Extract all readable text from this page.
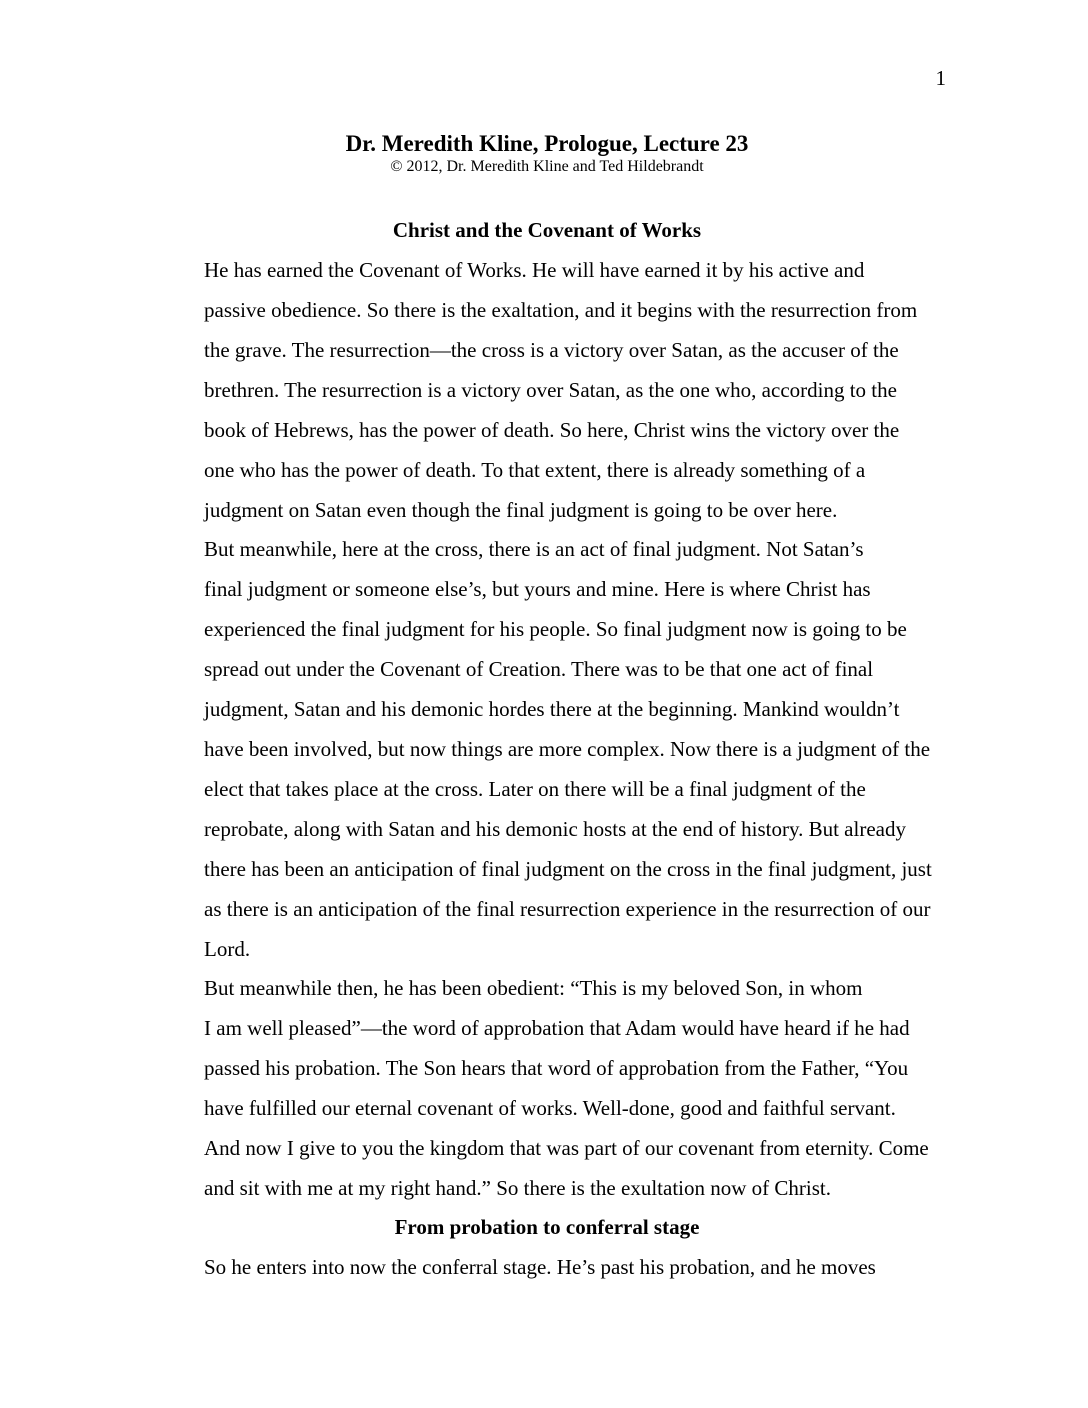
1
Dr. Meredith Kline, Prologue, Lecture 23
© 2012, Dr. Meredith Kline and Ted Hildebrandt
Christ and the Covenant of Works

He has earned the Covenant of Works. He will have earned it by his active and
passive obedience. So there is the exaltation, and it begins with the resurrection from
the grave. The resurrection—the cross is a victory over Satan, as the accuser of the
brethren. The resurrection is a victory over Satan, as the one who, according to the
book of Hebrews, has the power of death. So here, Christ wins the victory over the
one who has the power of death. To that extent, there is already something of a
judgment on Satan even though the final judgment is going to be over here.

But meanwhile, here at the cross, there is an act of final judgment. Not Satan’s
final judgment or someone else’s, but yours and mine. Here is where Christ has
experienced the final judgment for his people. So final judgment now is going to be
spread out under the Covenant of Creation. There was to be that one act of final
judgment, Satan and his demonic hordes there at the beginning. Mankind wouldn’t
have been involved, but now things are more complex. Now there is a judgment of the
elect that takes place at the cross. Later on there will be a final judgment of the
reprobate, along with Satan and his demonic hosts at the end of history. But already
there has been an anticipation of final judgment on the cross in the final judgment, just
as there is an anticipation of the final resurrection experience in the resurrection of our
Lord.

But meanwhile then, he has been obedient: “This is my beloved Son, in whom
I am well pleased”—the word of approbation that Adam would have heard if he had
passed his probation. The Son hears that word of approbation from the Father, “You
have fulfilled our eternal covenant of works. Well-done, good and faithful servant.
And now I give to you the kingdom that was part of our covenant from eternity. Come
and sit with me at my right hand.” So there is the exultation now of Christ.

From probation to conferral stage

So he enters into now the conferral stage. He’s past his probation, and he moves
